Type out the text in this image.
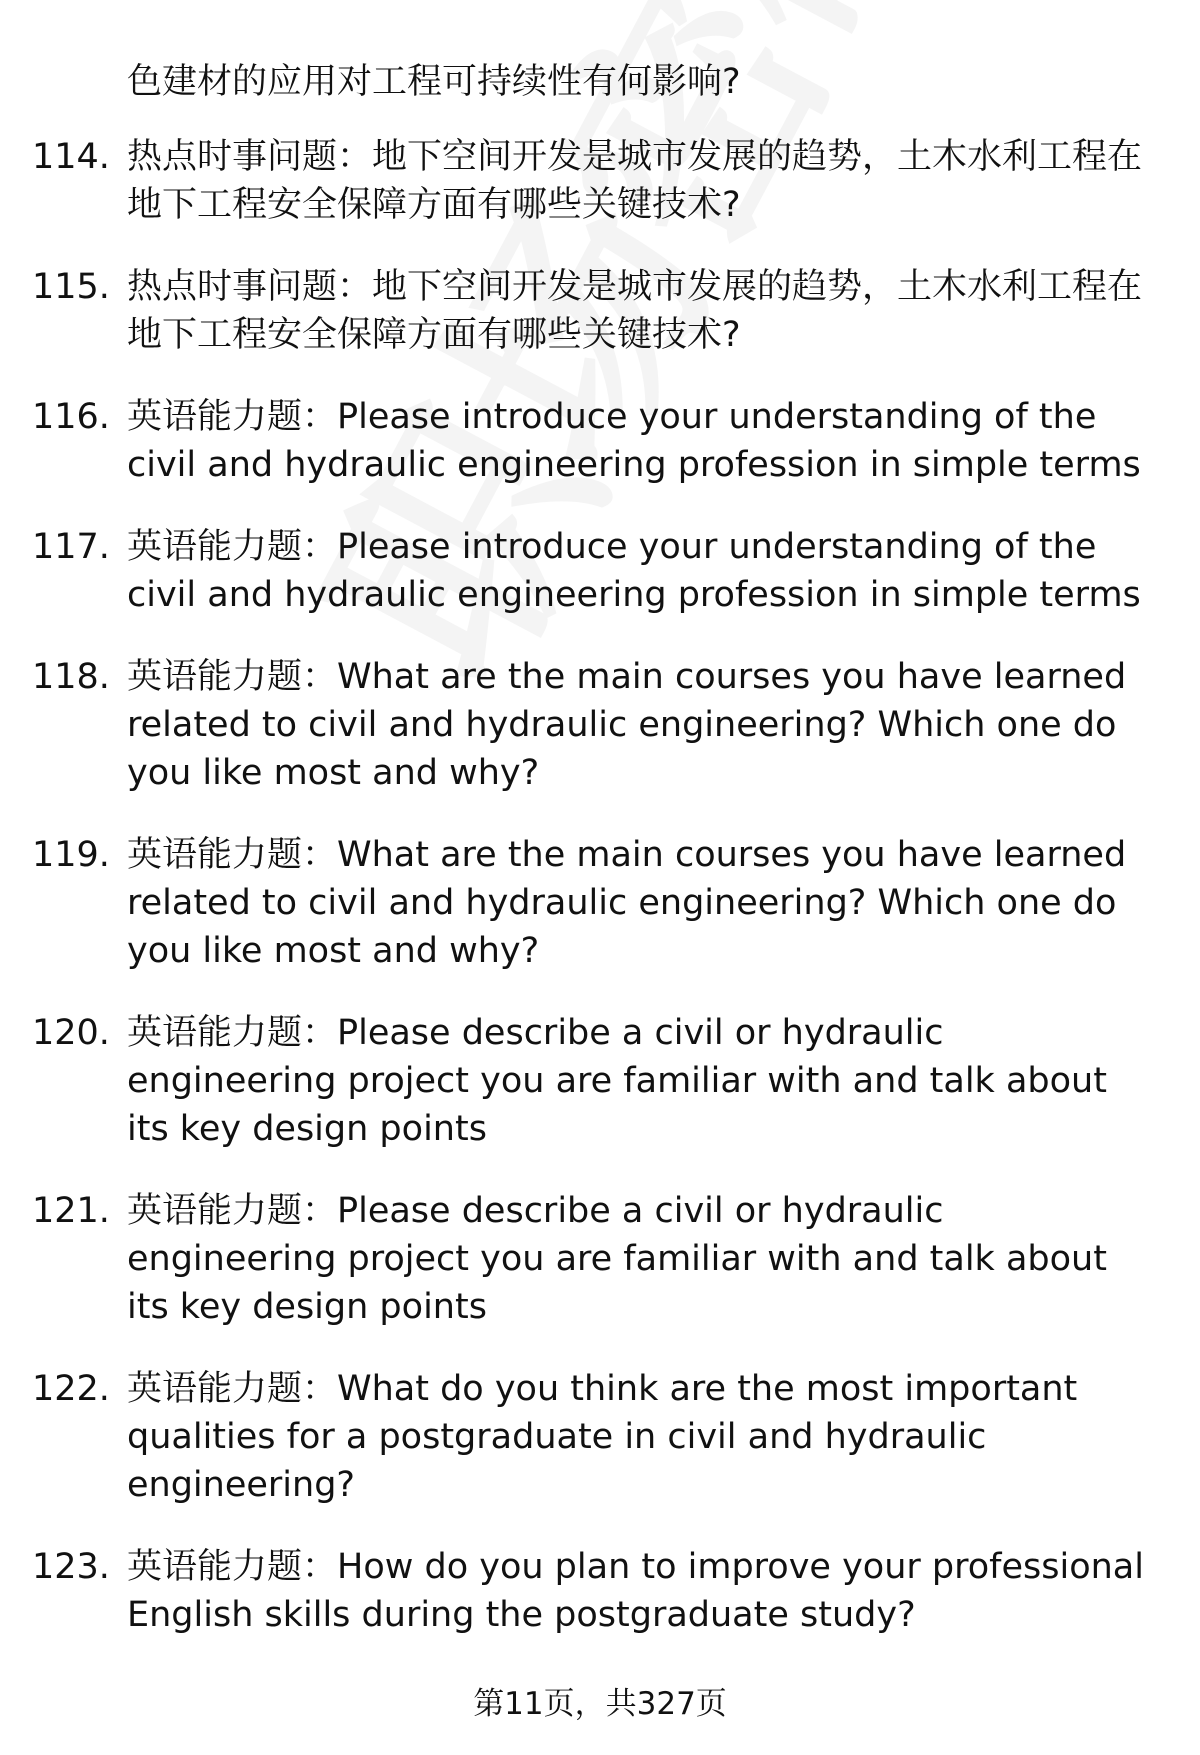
色建材的应用对工程可持续性有何影响?
114. 热点时事问题：地下空间开发是城市发展的趋势，土木水利工程在地下工程安全保障方面有哪些关键技术?
115. 热点时事问题：地下空间开发是城市发展的趋势，土木水利工程在地下工程安全保障方面有哪些关键技术?
116. 英语能力题：Please introduce your understanding of the civil and hydraulic engineering profession in simple terms
117. 英语能力题：Please introduce your understanding of the civil and hydraulic engineering profession in simple terms
118. 英语能力题：What are the main courses you have learned related to civil and hydraulic engineering? Which one do you like most and why?
119. 英语能力题：What are the main courses you have learned related to civil and hydraulic engineering? Which one do you like most and why?
120. 英语能力题：Please describe a civil or hydraulic engineering project you are familiar with and talk about its key design points
121. 英语能力题：Please describe a civil or hydraulic engineering project you are familiar with and talk about its key design points
122. 英语能力题：What do you think are the most important qualities for a postgraduate in civil and hydraulic engineering?
123. 英语能力题：How do you plan to improve your professional English skills during the postgraduate study?
第11页，共327页
